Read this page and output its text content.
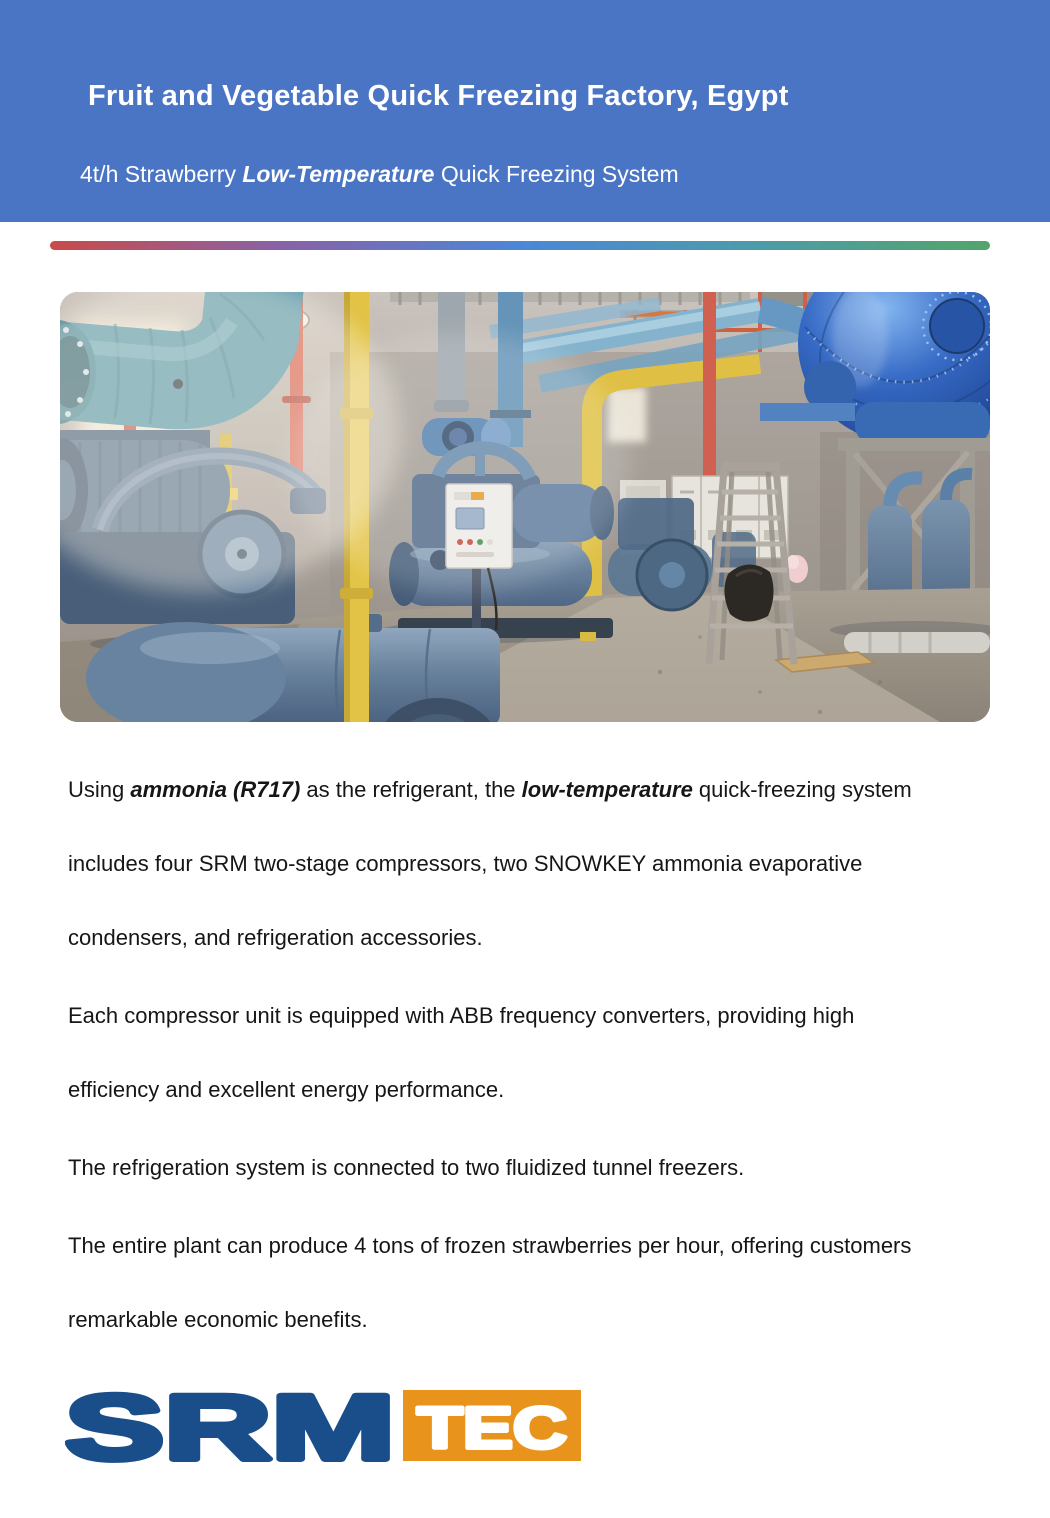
Fruit and Vegetable Quick Freezing Factory, Egypt

4t/h Strawberry Low-Temperature Quick Freezing System

Using ammonia (R717) as the refrigerant, the low-temperature quick-freezing system includes four SRM two-stage compressors, two SNOWKEY ammonia evaporative condensers, and refrigeration accessories.

Each compressor unit is equipped with ABB frequency converters, providing high efficiency and excellent energy performance.

The refrigeration system is connected to two fluidized tunnel freezers.

The entire plant can produce 4 tons of frozen strawberries per hour, offering customers remarkable economic benefits.

SRM TEC
